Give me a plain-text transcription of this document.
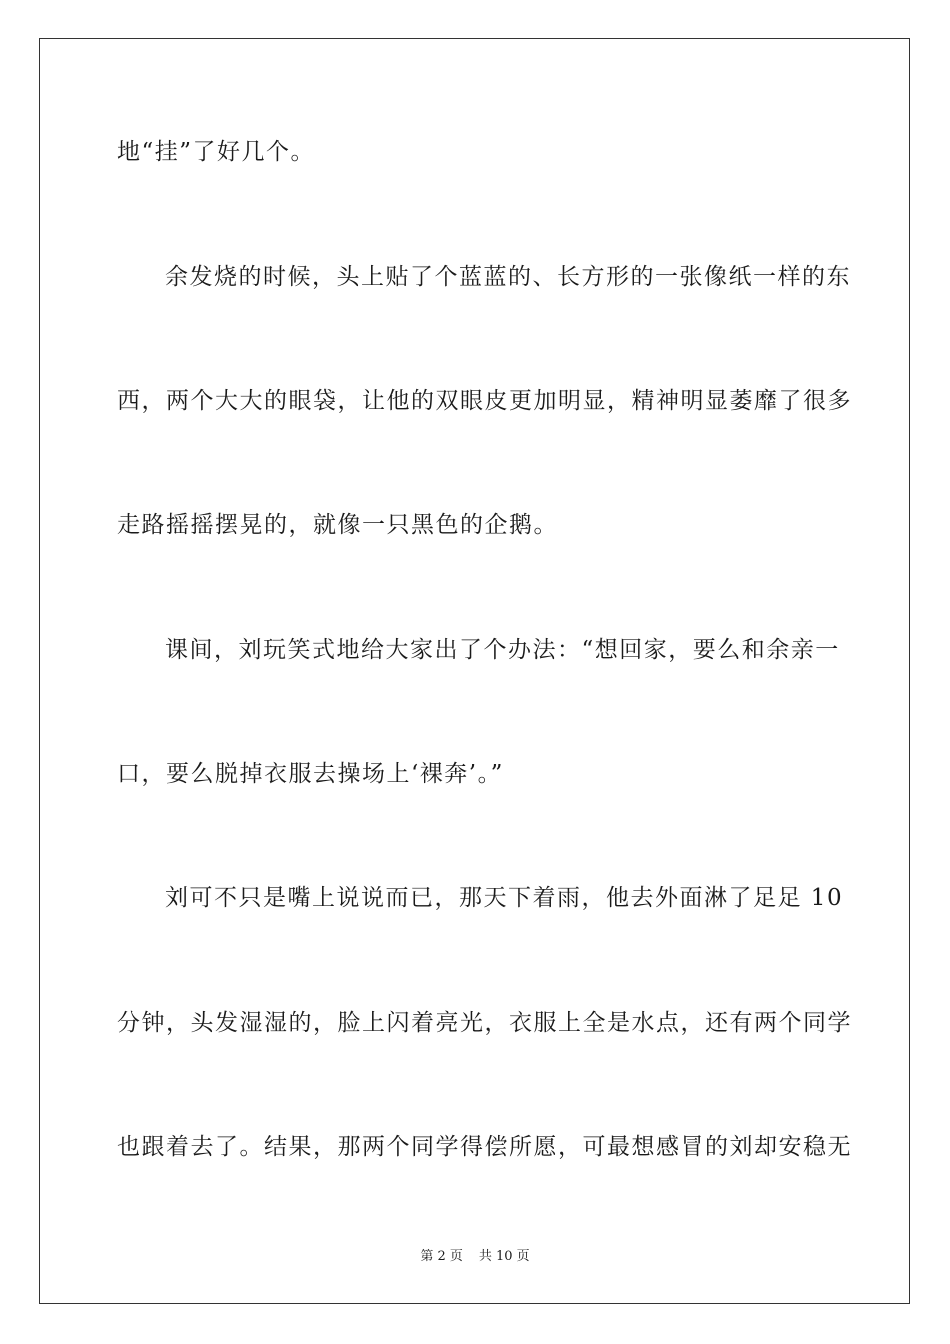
地“挂”了好几个。
余发烧的时候，头上贴了个蓝蓝的、长方形的一张像纸一样的东
西，两个大大的眼袋，让他的双眼皮更加明显，精神明显萎靡了很多
走路摇摇摆晃的，就像一只黑色的企鹅。
课间，刘玩笑式地给大家出了个办法：“想回家，要么和余亲一
口，要么脱掉衣服去操场上‘裸奔’。”
刘可不只是嘴上说说而已，那天下着雨，他去外面淋了足足 10
分钟，头发湿湿的，脸上闪着亮光，衣服上全是水点，还有两个同学
也跟着去了。结果，那两个同学得偿所愿，可最想感冒的刘却安稳无
第 2 页 共 10 页
